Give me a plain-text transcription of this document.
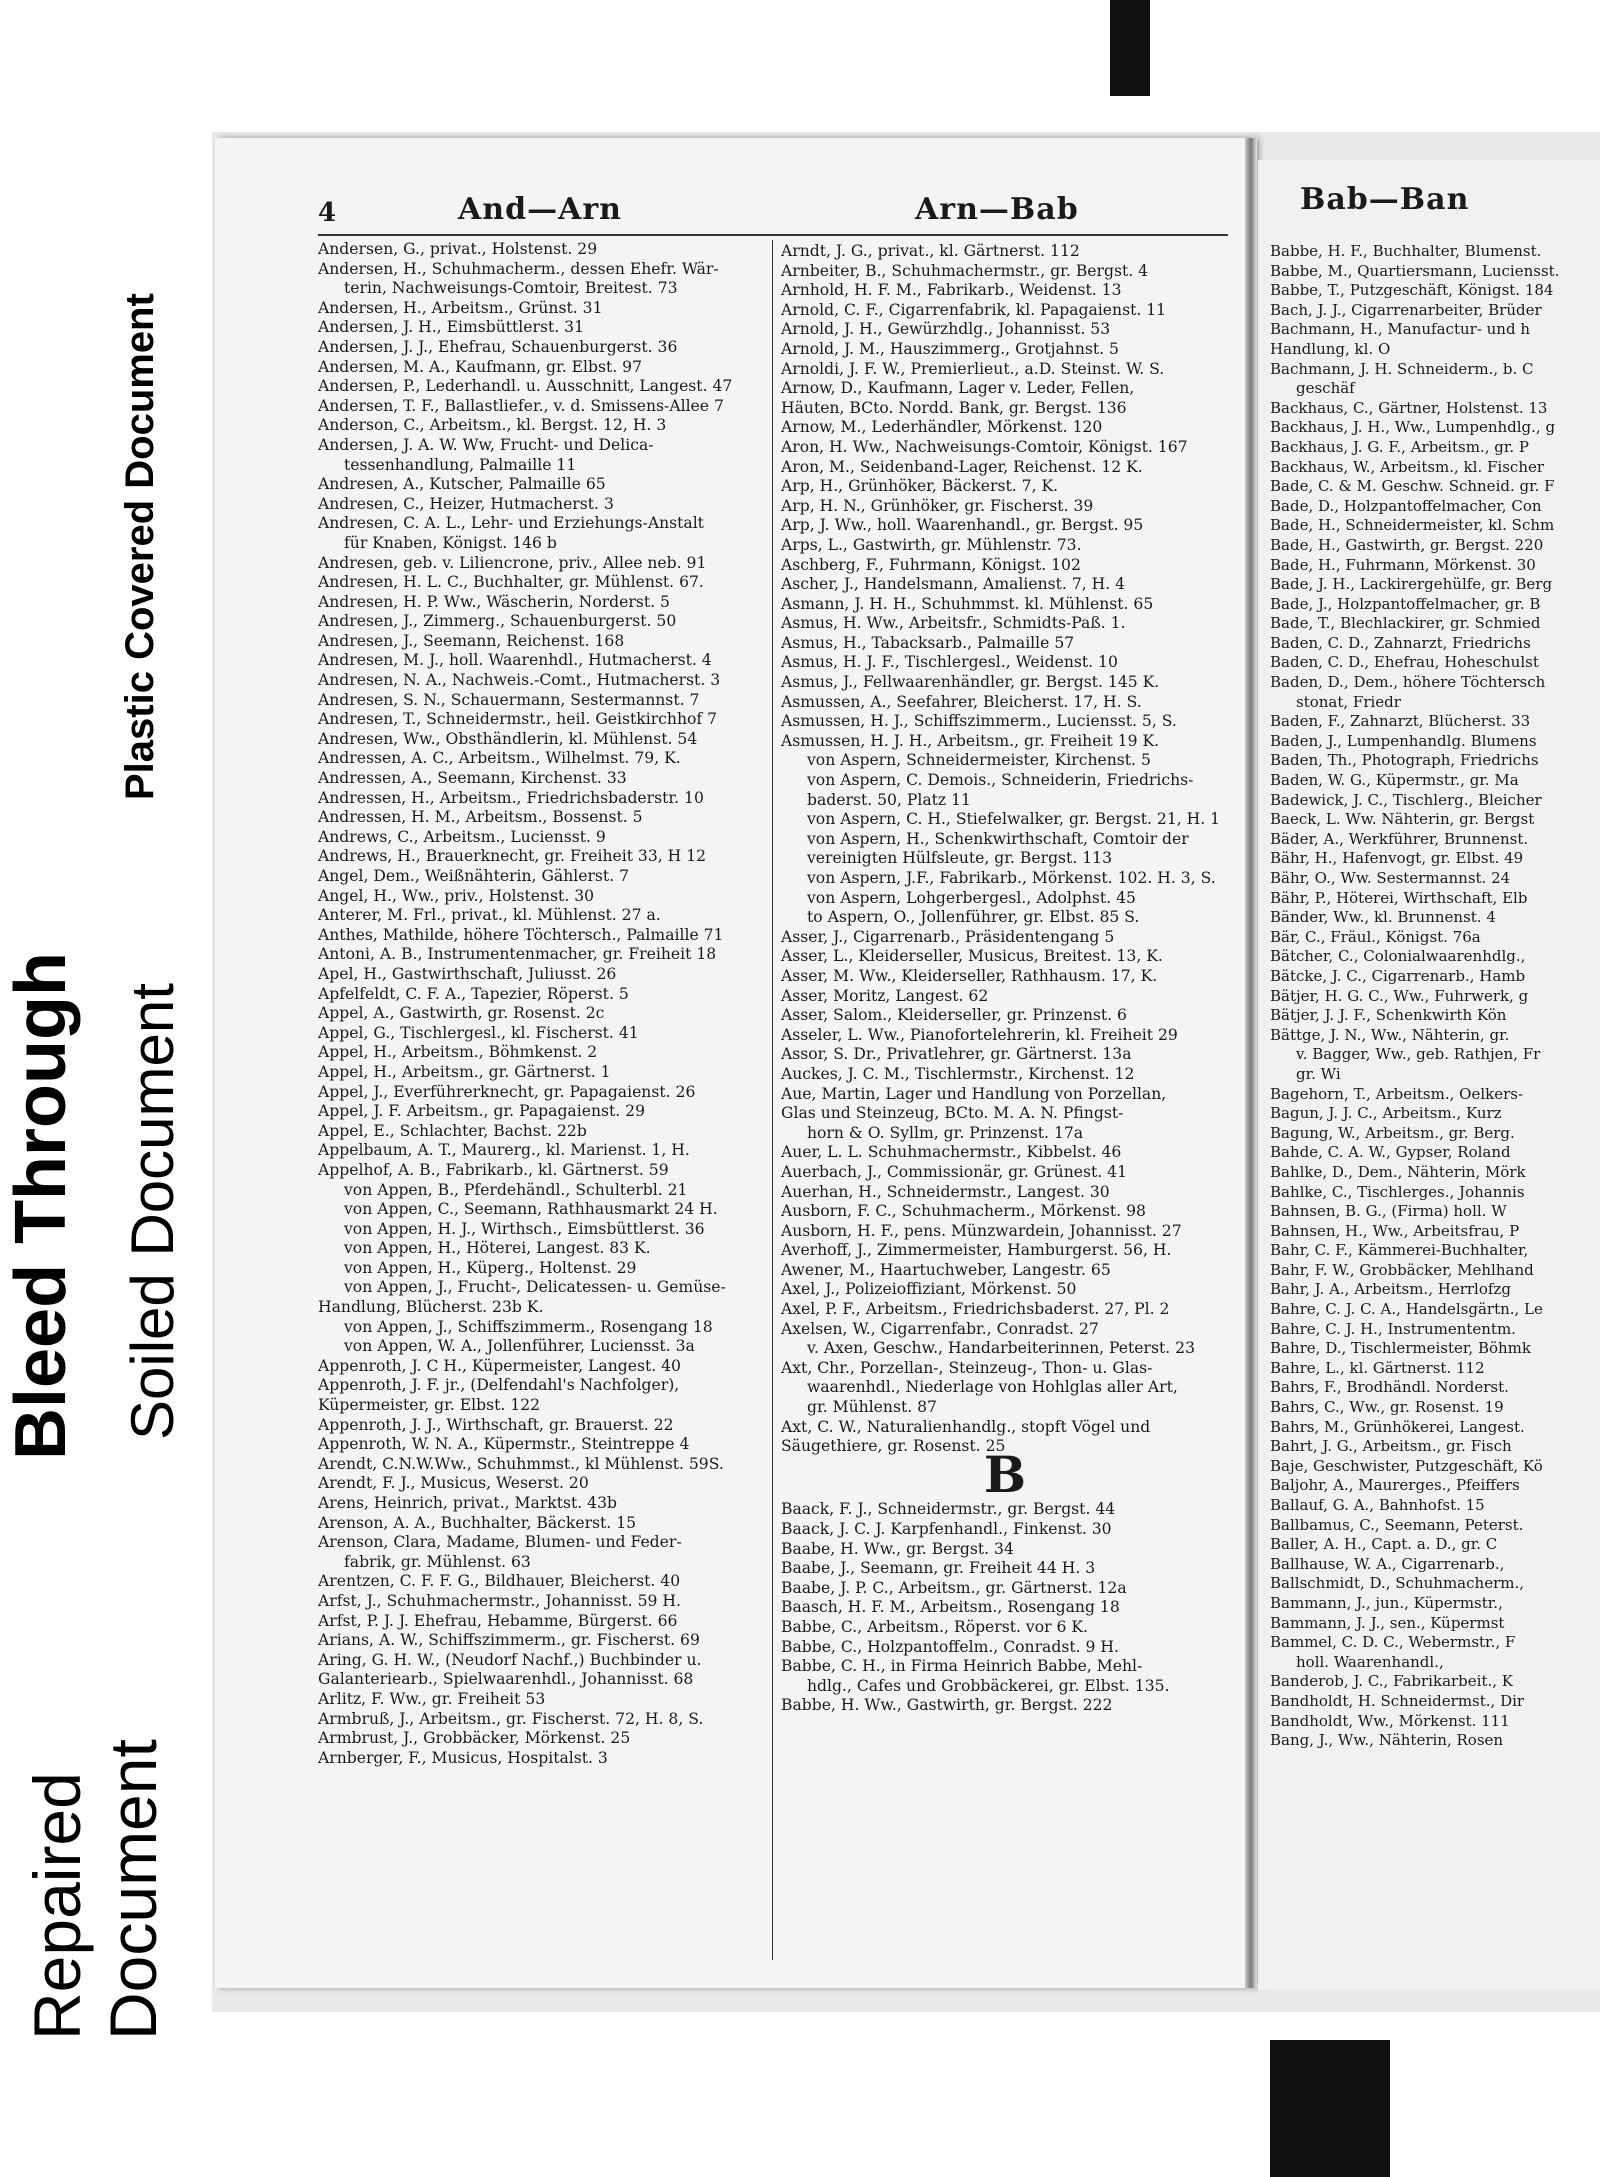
Bleed Through Soiled Document
Plastic Covered Document
Repaired Document
4	And—Arn	Arn—Bab	Bab—Ban
Andersen, G., privat., Holstenst. 29
Andersen, H., Schuhmacherm., dessen Ehefr. Wär-
terin, Nachweisungs-Comtoir, Breitest. 73
Andersen, H., Arbeitsm., Grünst. 31
Andersen, J. H., Eimsbüttlerst. 31
Andersen, J. J., Ehefrau, Schauenburgerst. 36
Andersen, M. A., Kaufmann, gr. Elbst. 97
Andersen, P., Lederhandl. u. Ausschnitt, Langest. 47
Andersen, T. F., Ballastliefer., v. d. Smissens-Allee 7
Anderson, C., Arbeitsm., kl. Bergst. 12, H. 3
Andersen, J. A. W. Ww, Frucht- und Delica-
tessenhandlung, Palmaille 11
Andresen, A., Kutscher, Palmaille 65
Andresen, C., Heizer, Hutmacherst. 3
Andresen, C. A. L., Lehr- und Erziehungs-Anstalt
für Knaben, Königst. 146 b
Andresen, geb. v. Liliencrone, priv., Allee neb. 91
Andresen, H. L. C., Buchhalter, gr. Mühlenst. 67.
Andresen, H. P. Ww., Wäscherin, Norderst. 5
Andresen, J., Zimmerg., Schauenburgerst. 50
Andresen, J., Seemann, Reichenst. 168
Andresen, M. J., holl. Waarenhdl., Hutmacherst. 4
Andresen, N. A., Nachweis.-Comt., Hutmacherst. 3
Andresen, S. N., Schauermann, Sestermannst. 7
Andresen, T., Schneidermstr., heil. Geistkirchhof 7
Andresen, Ww., Obsthändlerin, kl. Mühlenst. 54
Andressen, A. C., Arbeitsm., Wilhelmst. 79, K.
Andressen, A., Seemann, Kirchenst. 33
Andressen, H., Arbeitsm., Friedrichsbaderstr. 10
Andressen, H. M., Arbeitsm., Bossenst. 5
Andrews, C., Arbeitsm., Luciensst. 9
Andrews, H., Brauerknecht, gr. Freiheit 33, H 12
Angel, Dem., Weißnähterin, Gählerst. 7
Angel, H., Ww., priv., Holstenst. 30
Anterer, M. Frl., privat., kl. Mühlenst. 27 a.
Anthes, Mathilde, höhere Töchtersch., Palmaille 71
Antoni, A. B., Instrumentenmacher, gr. Freiheit 18
Apel, H., Gastwirthschaft, Juliusst. 26
Apfelfeldt, C. F. A., Tapezier, Röperst. 5
Appel, A., Gastwirth, gr. Rosenst. 2c
Appel, G., Tischlergesl., kl. Fischerst. 41
Appel, H., Arbeitsm., Böhmkenst. 2
Appel, H., Arbeitsm., gr. Gärtnerst. 1
Appel, J., Everführerknecht, gr. Papagaienst. 26
Appel, J. F. Arbeitsm., gr. Papagaienst. 29
Appel, E., Schlachter, Bachst. 22b
Appelbaum, A. T., Maurerg., kl. Marienst. 1, H.
Appelhof, A. B., Fabrikarb., kl. Gärtnerst. 59
von Appen, B., Pferdehändl., Schulterbl. 21
von Appen, C., Seemann, Rathhausmarkt 24 H.
von Appen, H. J., Wirthsch., Eimsbüttlerst. 36
von Appen, H., Höterei, Langest. 83 K.
von Appen, H., Küperg., Holtenst. 29
von Appen, J., Frucht-, Delicatessen- u. Gemüse-
Handlung, Blücherst. 23b K.
von Appen, J., Schiffszimmerm., Rosengang 18
von Appen, W. A., Jollenführer, Luciensst. 3a
Appenroth, J. C H., Küpermeister, Langest. 40
Appenroth, J. F. jr., (Delfendahl's Nachfolger),
Küpermeister, gr. Elbst. 122
Appenroth, J. J., Wirthschaft, gr. Brauerst. 22
Appenroth, W. N. A., Küpermstr., Steintreppe 4
Arendt, C.N.W.Ww., Schuhmmst., kl Mühlenst. 59S.
Arendt, F. J., Musicus, Weserst. 20
Arens, Heinrich, privat., Marktst. 43b
Arenson, A. A., Buchhalter, Bäckerst. 15
Arenson, Clara, Madame, Blumen- und Feder-
fabrik, gr. Mühlenst. 63
Arentzen, C. F. F. G., Bildhauer, Bleicherst. 40
Arfst, J., Schuhmachermstr., Johannisst. 59 H.
Arfst, P. J. J. Ehefrau, Hebamme, Bürgerst. 66
Arians, A. W., Schiffszimmerm., gr. Fischerst. 69
Aring, G. H. W., (Neudorf Nachf.,) Buchbinder u.
Galanteriearb., Spielwaarenhdl., Johannisst. 68
Arlitz, F. Ww., gr. Freiheit 53
Armbruß, J., Arbeitsm., gr. Fischerst. 72, H. 8, S.
Armbrust, J., Grobbäcker, Mörkenst. 25
Arnberger, F., Musicus, Hospitalst. 3
Arndt, J. G., privat., kl. Gärtnerst. 112
Arnbeiter, B., Schuhmachermstr., gr. Bergst. 4
Arnhold, H. F. M., Fabrikarb., Weidenst. 13
Arnold, C. F., Cigarrenfabrik, kl. Papagaienst. 11
Arnold, J. H., Gewürzhdlg., Johannisst. 53
Arnold, J. M., Hauszimmerg., Grotjahnst. 5
Arnoldi, J. F. W., Premierlieut., a.D. Steinst. W. S.
Arnow, D., Kaufmann, Lager v. Leder, Fellen,
Häuten, BCto. Nordd. Bank, gr. Bergst. 136
Arnow, M., Lederhändler, Mörkenst. 120
Aron, H. Ww., Nachweisungs-Comtoir, Königst. 167
Aron, M., Seidenband-Lager, Reichenst. 12 K.
Arp, H., Grünhöker, Bäckerst. 7, K.
Arp, H. N., Grünhöker, gr. Fischerst. 39
Arp, J. Ww., holl. Waarenhandl., gr. Bergst. 95
Arps, L., Gastwirth, gr. Mühlenstr. 73.
Aschberg, F., Fuhrmann, Königst. 102
Ascher, J., Handelsmann, Amalienst. 7, H. 4
Asmann, J. H. H., Schuhmmst. kl. Mühlenst. 65
Asmus, H. Ww., Arbeitsfr., Schmidts-Paß. 1.
Asmus, H., Tabacksarb., Palmaille 57
Asmus, H. J. F., Tischlergesl., Weidenst. 10
Asmus, J., Fellwaarenhändler, gr. Bergst. 145 K.
Asmussen, A., Seefahrer, Bleicherst. 17, H. S.
Asmussen, H. J., Schiffszimmerm., Luciensst. 5, S.
Asmussen, H. J. H., Arbeitsm., gr. Freiheit 19 K.
von Aspern, Schneidermeister, Kirchenst. 5
von Aspern, C. Demois., Schneiderin, Friedrichs-
baderst. 50, Platz 11
von Aspern, C. H., Stiefelwalker, gr. Bergst. 21, H. 1
von Aspern, H., Schenkwirthschaft, Comtoir der
vereinigten Hülfsleute, gr. Bergst. 113
von Aspern, J.F., Fabrikarb., Mörkenst. 102. H. 3, S.
von Aspern, Lohgerbergesl., Adolphst. 45
to Aspern, O., Jollenführer, gr. Elbst. 85 S.
Asser, J., Cigarrenarb., Präsidentengang 5
Asser, L., Kleiderseller, Musicus, Breitest. 13, K.
Asser, M. Ww., Kleiderseller, Rathhausm. 17, K.
Asser, Moritz, Langest. 62
Asser, Salom., Kleiderseller, gr. Prinzenst. 6
Asseler, L. Ww., Pianofortelehrerin, kl. Freiheit 29
Assor, S. Dr., Privatlehrer, gr. Gärtnerst. 13a
Auckes, J. C. M., Tischlermstr., Kirchenst. 12
Aue, Martin, Lager und Handlung von Porzellan,
Glas und Steinzeug, BCto. M. A. N. Pfingst-
horn & O. Syllm, gr. Prinzenst. 17a
Auer, L. L. Schuhmachermstr., Kibbelst. 46
Auerbach, J., Commissionär, gr. Grünest. 41
Auerhan, H., Schneidermstr., Langest. 30
Ausborn, F. C., Schuhmacherm., Mörkenst. 98
Ausborn, H. F., pens. Münzwardein, Johannisst. 27
Averhoff, J., Zimmermeister, Hamburgerst. 56, H.
Awener, M., Haartuchweber, Langestr. 65
Axel, J., Polizeioffiziant, Mörkenst. 50
Axel, P. F., Arbeitsm., Friedrichsbaderst. 27, Pl. 2
Axelsen, W., Cigarrenfabr., Conradst. 27
v. Axen, Geschw., Handarbeiterinnen, Peterst. 23
Axt, Chr., Porzellan-, Steinzeug-, Thon- u. Glas-
waarenhdl., Niederlage von Hohlglas aller Art,
gr. Mühlenst. 87
Axt, C. W., Naturalienhandlg., stopft Vögel und
Säugethiere, gr. Rosenst. 25
B
Baack, F. J., Schneidermstr., gr. Bergst. 44
Baack, J. C. J. Karpfenhandl., Finkenst. 30
Baabe, H. Ww., gr. Bergst. 34
Baabe, J., Seemann, gr. Freiheit 44 H. 3
Baabe, J. P. C., Arbeitsm., gr. Gärtnerst. 12a
Baasch, H. F. M., Arbeitsm., Rosengang 18
Babbe, C., Arbeitsm., Röperst. vor 6 K.
Babbe, C., Holzpantoffelm., Conradst. 9 H.
Babbe, C. H., in Firma Heinrich Babbe, Mehl-
hdlg., Cafes und Grobbäckerei, gr. Elbst. 135.
Babbe, H. Ww., Gastwirth, gr. Bergst. 222
Babbe, H. F., Buchhalter, Blumenst.
Babbe, M., Quartiersmann, Luciensst.
Babbe, T., Putzgeschäft, Königst. 184
Bach, J. J., Cigarrenarbeiter, Brüder
Bachmann, H., Manufactur- und h
Handlung, kl. O
Bachmann, J. H. Schneiderm., b. C
geschäf
Backhaus, C., Gärtner, Holstenst. 13
Backhaus, J. H., Ww., Lumpenhdlg., g
Backhaus, J. G. F., Arbeitsm., gr. P
Backhaus, W., Arbeitsm., kl. Fischer
Bade, C. & M. Geschw. Schneid. gr. F
Bade, D., Holzpantoffelmacher, Con
Bade, H., Schneidermeister, kl. Schm
Bade, H., Gastwirth, gr. Bergst. 220
Bade, H., Fuhrmann, Mörkenst. 30
Bade, J. H., Lackirergehülfe, gr. Berg
Bade, J., Holzpantoffelmacher, gr. B
Bade, T., Blechlackirer, gr. Schmied
Baden, C. D., Zahnarzt, Friedrichs
Baden, C. D., Ehefrau, Hoheschulst
Baden, D., Dem., höhere Töchtersch
stonat, Friedr
Baden, F., Zahnarzt, Blücherst. 33
Baden, J., Lumpenhandlg. Blumens
Baden, Th., Photograph, Friedrichs
Baden, W. G., Küpermstr., gr. Ma
Badewick, J. C., Tischlerg., Bleicher
Baeck, L. Ww. Nähterin, gr. Bergst
Bäder, A., Werkführer, Brunnenst.
Bähr, H., Hafenvogt, gr. Elbst. 49
Bähr, O., Ww. Sestermannst. 24
Bähr, P., Höterei, Wirthschaft, Elb
Bänder, Ww., kl. Brunnenst. 4
Bär, C., Fräul., Königst. 76a
Bätcher, C., Colonialwaarenhdlg.,
Bätcke, J. C., Cigarrenarb., Hamb
Bätjer, H. G. C., Ww., Fuhrwerk, g
Bätjer, J. J. F., Schenkwirth Kön
Bättge, J. N., Ww., Nähterin, gr.
v. Bagger, Ww., geb. Rathjen, Fr
gr. Wi
Bagehorn, T., Arbeitsm., Oelkers-
Bagun, J. J. C., Arbeitsm., Kurz
Bagung, W., Arbeitsm., gr. Berg.
Bahde, C. A. W., Gypser, Roland
Bahlke, D., Dem., Nähterin, Mörk
Bahlke, C., Tischlerges., Johannis
Bahnsen, B. G., (Firma) holl. W
Bahnsen, H., Ww., Arbeitsfrau, P
Bahr, C. F., Kämmerei-Buchhalter,
Bahr, F. W., Grobbäcker, Mehlhand
Bahr, J. A., Arbeitsm., Herrlofzg
Bahre, C. J. C. A., Handelsgärtn., Le
Bahre, C. J. H., Instrumententm.
Bahre, D., Tischlermeister, Böhmk
Bahre, L., kl. Gärtnerst. 112
Bahrs, F., Brodhändl. Norderst.
Bahrs, C., Ww., gr. Rosenst. 19
Bahrs, M., Grünhökerei, Langest.
Bahrt, J. G., Arbeitsm., gr. Fisch
Baje, Geschwister, Putzgeschäft, Kö
Baljohr, A., Maurerges., Pfeiffers
Ballauf, G. A., Bahnhofst. 15
Ballbamus, C., Seemann, Peterst.
Baller, A. H., Capt. a. D., gr. C
Ballhause, W. A., Cigarrenarb.,
Ballschmidt, D., Schuhmacherm.,
Bammann, J., jun., Küpermstr.,
Bammann, J. J., sen., Küpermst
Bammel, C. D. C., Webermstr., F
holl. Waarenhandl.,
Banderob, J. C., Fabrikarbeit., K
Bandholdt, H. Schneidermst., Dir
Bandholdt, Ww., Mörkenst. 111
Bang, J., Ww., Nähterin, Rosen
